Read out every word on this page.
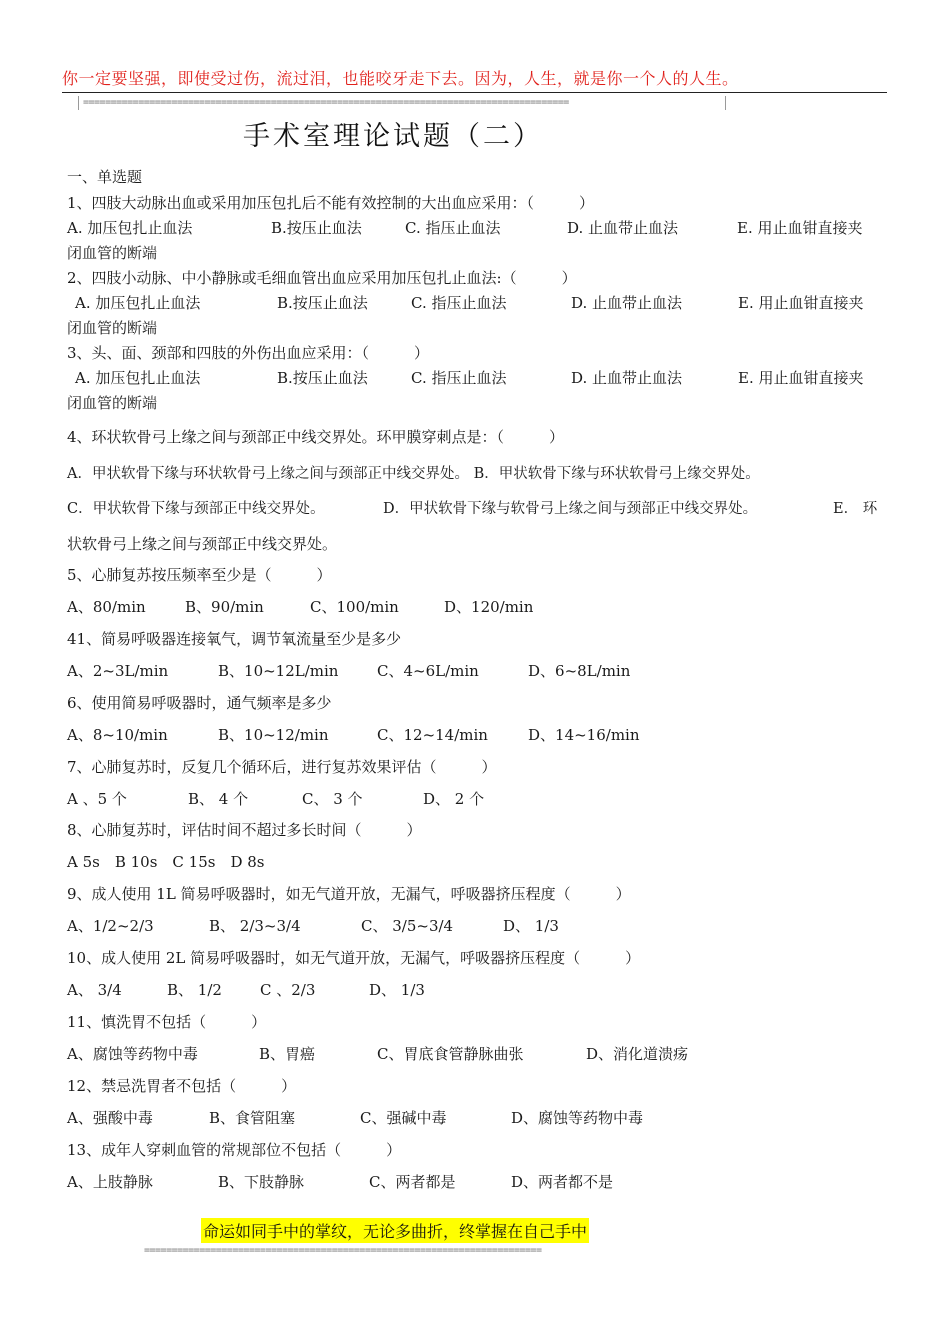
你一定要坚强，即使受过伤，流过泪，也能咬牙走下去。因为，人生，就是你一个人的人生。
========================================================================================
手术室理论试题（二）
一、单选题
1、四肢大动脉出血或采用加压包扎后不能有效控制的大出血应采用：（　　　）
A. 加压包扎止血法	B.按压止血法	C. 指压止血法	D. 止血带止血法	E. 用止血钳直接夹
闭血管的断端
2、四肢小动脉、中小静脉或毛细血管出血应采用加压包扎止血法:（　　　）
A. 加压包扎止血法	B.按压止血法	C. 指压止血法	D. 止血带止血法	E. 用止血钳直接夹
闭血管的断端
3、头、面、颈部和四肢的外伤出血应采用：（　　　）
A. 加压包扎止血法	B.按压止血法	C. 指压止血法	D. 止血带止血法	E. 用止血钳直接夹
闭血管的断端
4、环状软骨弓上缘之间与颈部正中线交界处。环甲膜穿刺点是：（　　　）
A．甲状软骨下缘与环状软骨弓上缘之间与颈部正中线交界处。 B．甲状软骨下缘与环状软骨弓上缘交界处。
C．甲状软骨下缘与颈部正中线交界处。	D．甲状软骨下缘与软骨弓上缘之间与颈部正中线交界处。	E． 环
状软骨弓上缘之间与颈部正中线交界处。
5、心肺复苏按压频率至少是（　　　）
A、80/min	B、90/min	C、100/min	D、120/min
41、简易呼吸器连接氧气，调节氧流量至少是多少
A、2~3L/min	B、10~12L/min	C、4~6L/min	D、6~8L/min
6、使用简易呼吸器时，通气频率是多少
A、8~10/min	B、10~12/min	C、12~14/min	D、14~16/min
7、心肺复苏时，反复几个循环后，进行复苏效果评估（　　　）
A 、5 个	B、 4 个	C、 3 个	D、 2 个
8、心肺复苏时，评估时间不超过多长时间（　　　）
A 5s　B 10s　C 15s　D 8s
9、成人使用 1L 简易呼吸器时，如无气道开放，无漏气，呼吸器挤压程度（　　　）
A、1/2~2/3	B、 2/3~3/4	C、 3/5~3/4	D、 1/3
10、成人使用 2L 简易呼吸器时，如无气道开放，无漏气，呼吸器挤压程度（　　　）
A、 3/4	B、 1/2	C 、2/3	D、 1/3
11、慎洗胃不包括（　　　）
A、腐蚀等药物中毒	B、胃癌	C、胃底食管静脉曲张	D、消化道溃疡
12、禁忌洗胃者不包括（　　　）
A、强酸中毒	B、食管阻塞	C、强碱中毒	D、腐蚀等药物中毒
13、成年人穿刺血管的常规部位不包括（　　　）
A、上肢静脉	B、下肢静脉	C、两者都是	D、两者都不是
命运如同手中的掌纹，无论多曲折，终掌握在自己手中
========================================================================
